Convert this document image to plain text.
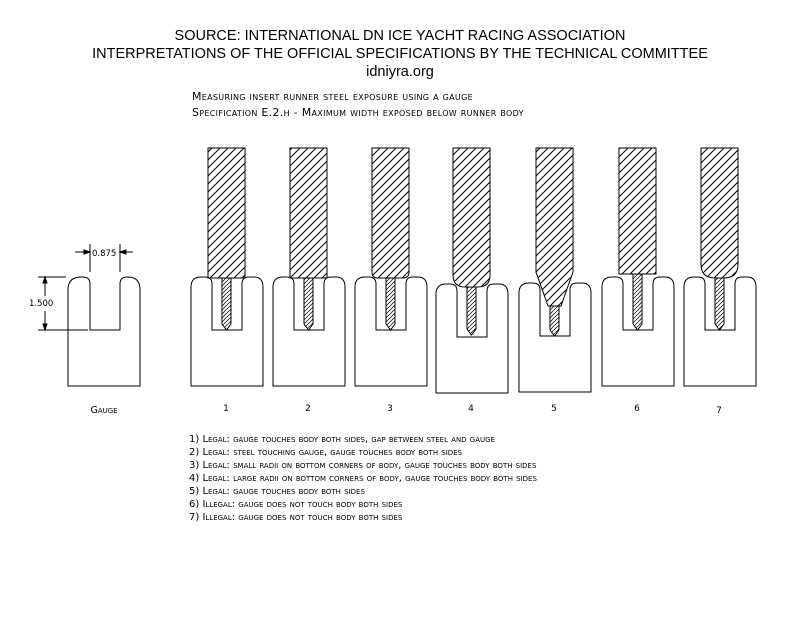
SOURCE: INTERNATIONAL DN ICE YACHT RACING ASSOCIATION
INTERPRETATIONS OF THE OFFICIAL SPECIFICATIONS BY THE TECHNICAL COMMITTEE
idniyra.org
Measuring insert runner steel exposure using a gauge
Specification E.2.h - Maximum width exposed below runner body
0.875
1.500
Gauge	1	2	3	4	5	6	7
1) Legal: gauge touches body both sides, gap between steel and gauge
2) Legal: steel touching gauge, gauge touches body both sides
3) Legal: small radii on bottom corners of body, gauge touches body both sides
4) Legal: large radii on bottom corners of body, gauge touches body both sides
5) Legal: gauge touches body both sides
6) Illegal: gauge does not touch body both sides
7) Illegal: gauge does not touch body both sides
